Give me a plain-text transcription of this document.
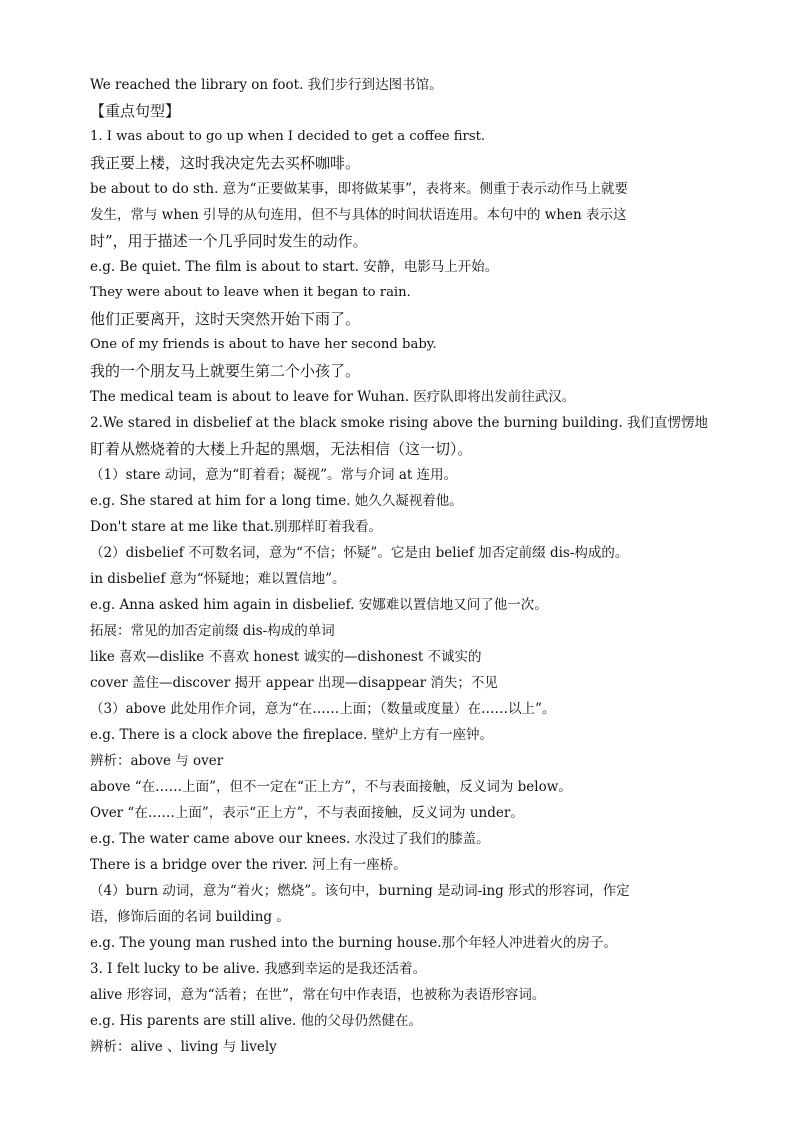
We reached the library on foot. 我们步行到达图书馆。

【重点句型】

1. I was about to go up when I decided to get a coffee first.

我正要上楼，这时我决定先去买杯咖啡。

be about to do sth. 意为“正要做某事，即将做某事”，表将来。侧重于表示动作马上就要

发生，常与 when 引导的从句连用，但不与具体的时间状语连用。本句中的 when 表示这

时”，用于描述一个几乎同时发生的动作。

e.g. Be quiet. The film is about to start. 安静，电影马上开始。

They were about to leave when it began to rain.

他们正要离开，这时天突然开始下雨了。

One of my friends is about to have her second baby.

我的一个朋友马上就要生第二个小孩了。

The medical team is about to leave for Wuhan. 医疗队即将出发前往武汉。

2.We stared in disbelief at the black smoke rising above the burning building. 我们直愣愣地

盯着从燃烧着的大楼上升起的黑烟，无法相信（这一切）。

（1）stare 动词，意为“盯着看；凝视”。常与介词 at 连用。

e.g. She stared at him for a long time. 她久久凝视着他。

Don't stare at me like that.别那样盯着我看。

（2）disbelief 不可数名词，意为“不信；怀疑”。它是由 belief 加否定前缀 dis-构成的。

in disbelief 意为“怀疑地；难以置信地”。

e.g. Anna asked him again in disbelief. 安娜难以置信地又问了他一次。

拓展：常见的加否定前缀 dis-构成的单词

like 喜欢—dislike 不喜欢 honest 诚实的—dishonest 不诚实的

cover 盖住—discover 揭开 appear 出现—disappear 消失；不见

（3）above 此处用作介词，意为“在……上面；（数量或度量）在……以上”。

e.g. There is a clock above the fireplace. 壁炉上方有一座钟。

辨析：above 与 over

above “在……上面”，但不一定在“正上方”，不与表面接触，反义词为 below。

Over “在……上面”，表示“正上方”，不与表面接触，反义词为 under。

e.g. The water came above our knees. 水没过了我们的膝盖。

There is a bridge over the river. 河上有一座桥。

（4）burn 动词，意为“着火；燃烧”。该句中，burning 是动词-ing 形式的形容词，作定

语，修饰后面的名词 building 。

e.g. The young man rushed into the burning house.那个年轻人冲进着火的房子。

3. I felt lucky to be alive. 我感到幸运的是我还活着。

alive 形容词，意为“活着；在世”，常在句中作表语，也被称为表语形容词。

e.g. His parents are still alive. 他的父母仍然健在。

辨析：alive 、living 与 lively
